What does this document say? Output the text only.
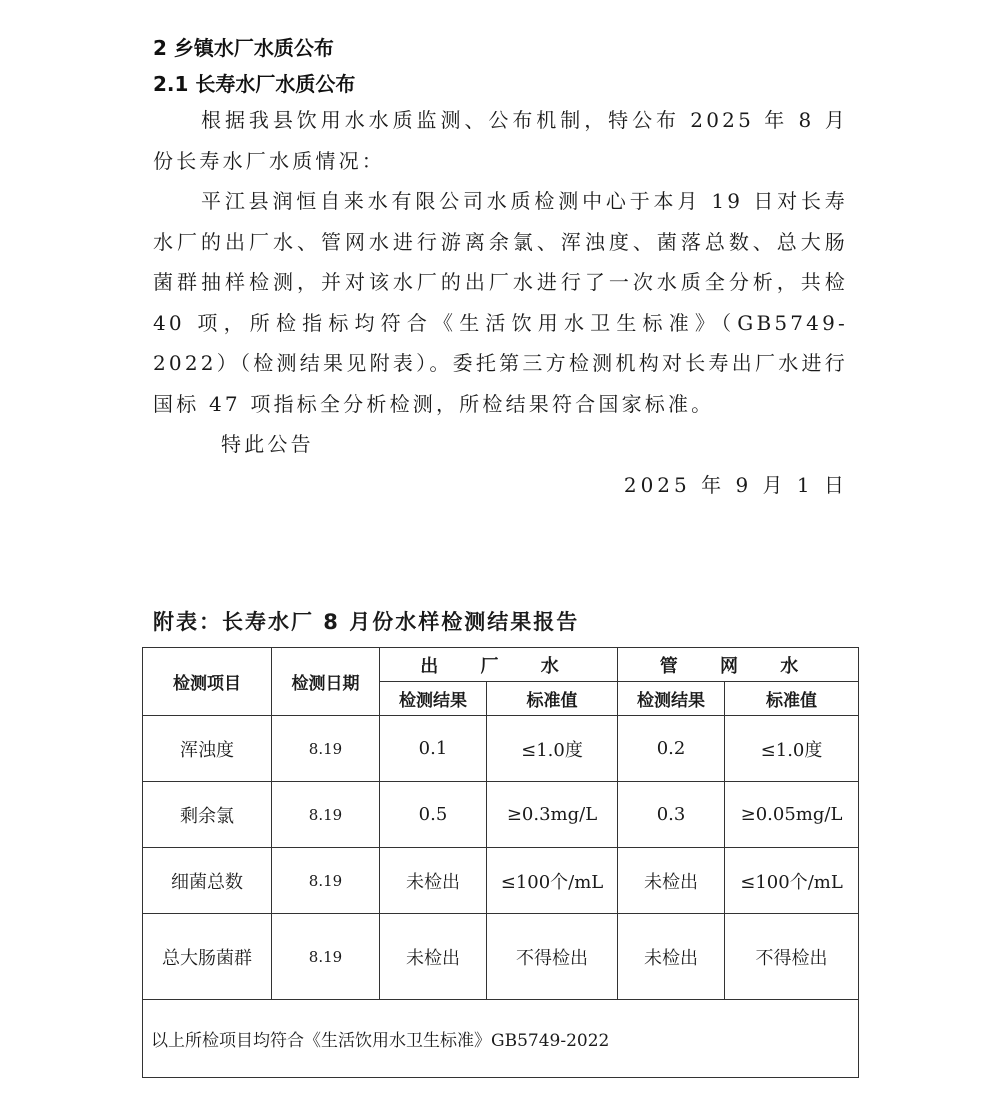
2 乡镇水厂水质公布
2.1 长寿水厂水质公布

根据我县饮用水水质监测、公布机制，特公布 2025 年 8 月份长寿水厂水质情况：

平江县润恒自来水有限公司水质检测中心于本月 19 日对长寿水厂的出厂水、管网水进行游离余氯、浑浊度、菌落总数、总大肠菌群抽样检测，并对该水厂的出厂水进行了一次水质全分析，共检 40 项，所检指标均符合《生活饮用水卫生标准》（GB5749-2022）（检测结果见附表）。委托第三方检测机构对长寿出厂水进行国标 47 项指标全分析检测，所检结果符合国家标准。

特此公告

2025 年 9 月 1 日

附表：长寿水厂 8 月份水样检测结果报告
检测项目	检测日期	出 厂 水		管 网 水	
		检测结果	标准值	检测结果	标准值
浑浊度	8.19	0.1	≤1.0度	0.2	≤1.0度
剩余氯	8.19	0.5	≥0.3mg/L	0.3	≥0.05mg/L
细菌总数	8.19	未检出	≤100个/mL	未检出	≤100个/mL
总大肠菌群	8.19	未检出	不得检出	未检出	不得检出
以上所检项目均符合《生活饮用水卫生标准》GB5749-2022					
